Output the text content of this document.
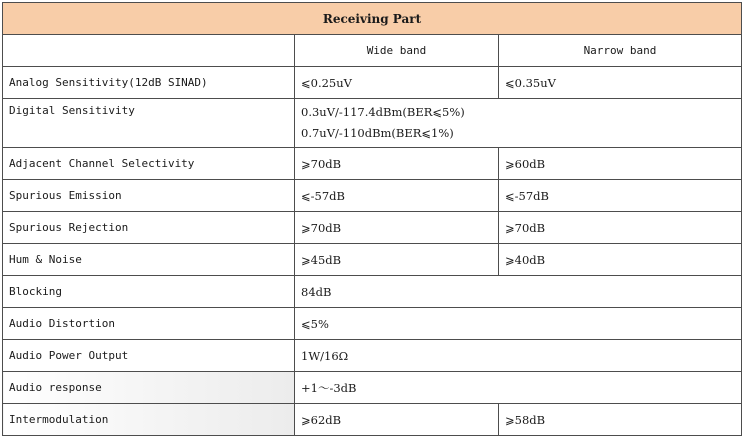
Receiving Part		
	Wide band	Narrow band
Analog Sensitivity(12dB SINAD)	⩽0.25uV	⩽0.35uV
Digital Sensitivity	0.3uV/-117.4dBm(BER⩽5%)
0.7uV/-110dBm(BER⩽1%)	

Adjacent Channel Selectivity	⩾70dB	⩾60dB
Spurious Emission	⩽-57dB	⩽-57dB
Spurious Rejection	⩾70dB	⩾70dB
Hum & Noise	⩾45dB	⩾40dB
Blocking	84dB	
Audio Distortion	⩽5%	
Audio Power Output	1W/16Ω	
Audio response	+1～-3dB	
Intermodulation	⩾62dB	⩾58dB
